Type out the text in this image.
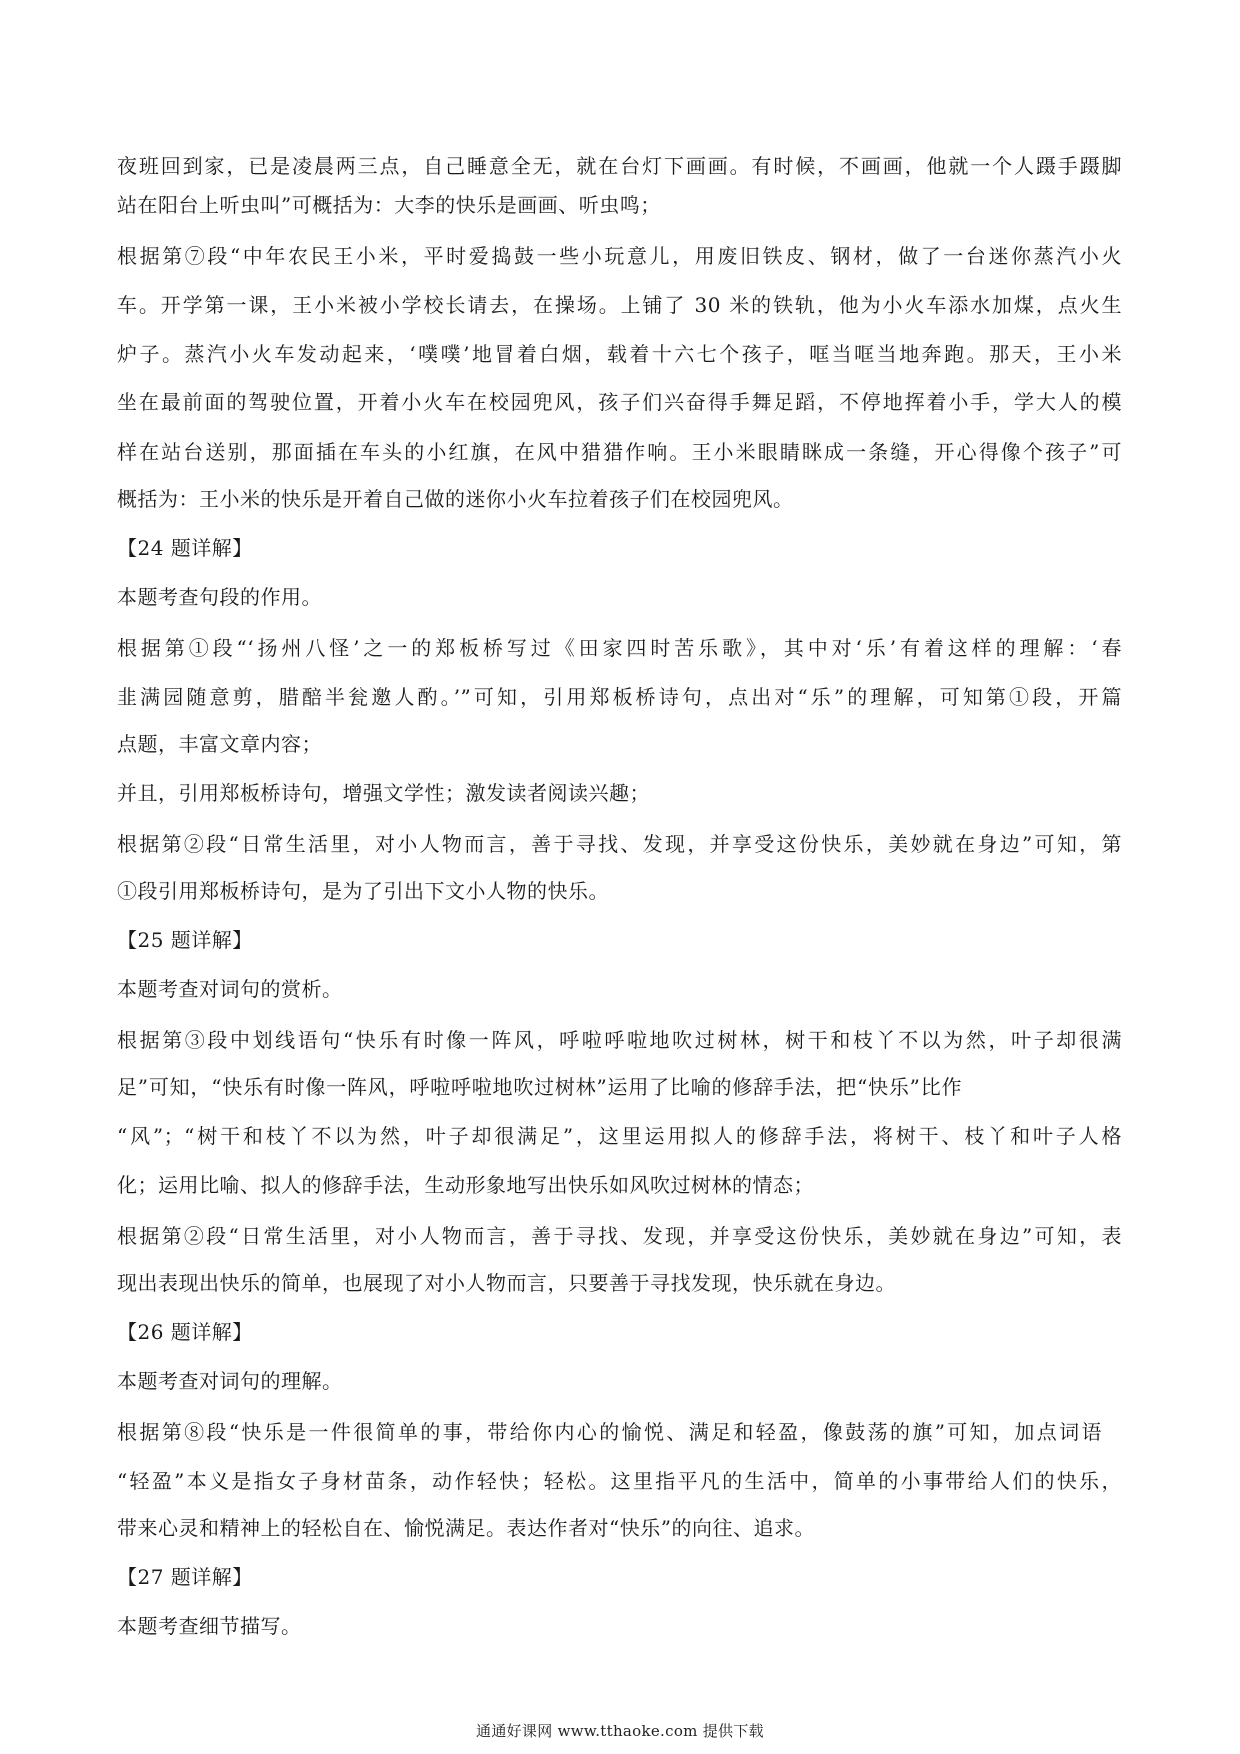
夜班回到家，已是凌晨两三点，自己睡意全无，就在台灯下画画。有时候，不画画，他就一个人蹑手蹑脚
站在阳台上听虫叫”可概括为：大李的快乐是画画、听虫鸣；
根据第⑦段“中年农民王小米，平时爱捣鼓一些小玩意儿，用废旧铁皮、钢材，做了一台迷你蒸汽小火
车。开学第一课，王小米被小学校长请去，在操场。上铺了 30 米的铁轨，他为小火车添水加煤，点火生
炉子。蒸汽小火车发动起来，‘噗噗’地冒着白烟，载着十六七个孩子，哐当哐当地奔跑。那天，王小米
坐在最前面的驾驶位置，开着小火车在校园兜风，孩子们兴奋得手舞足蹈，不停地挥着小手，学大人的模
样在站台送别，那面插在车头的小红旗，在风中猎猎作响。王小米眼睛眯成一条缝，开心得像个孩子”可
概括为：王小米的快乐是开着自己做的迷你小火车拉着孩子们在校园兜风。
【24 题详解】
本题考查句段的作用。
根据第①段“‘扬州八怪’之一的郑板桥写过《田家四时苦乐歌》，其中对‘乐’有着这样的理解：‘春
韭满园随意剪，腊醅半瓮邀人酌。’”可知，引用郑板桥诗句，点出对“乐”的理解，可知第①段，开篇
点题，丰富文章内容；
并且，引用郑板桥诗句，增强文学性；激发读者阅读兴趣；
根据第②段“日常生活里，对小人物而言，善于寻找、发现，并享受这份快乐，美妙就在身边”可知，第
①段引用郑板桥诗句，是为了引出下文小人物的快乐。
【25 题详解】
本题考查对词句的赏析。
根据第③段中划线语句“快乐有时像一阵风，呼啦呼啦地吹过树林，树干和枝丫不以为然，叶子却很满
足”可知，“快乐有时像一阵风，呼啦呼啦地吹过树林”运用了比喻的修辞手法，把“快乐”比作
“风”；“树干和枝丫不以为然，叶子却很满足”，这里运用拟人的修辞手法，将树干、枝丫和叶子人格
化；运用比喻、拟人的修辞手法，生动形象地写出快乐如风吹过树林的情态；
根据第②段“日常生活里，对小人物而言，善于寻找、发现，并享受这份快乐，美妙就在身边”可知，表
现出表现出快乐的简单，也展现了对小人物而言，只要善于寻找发现，快乐就在身边。
【26 题详解】
本题考查对词句的理解。
根据第⑧段“快乐是一件很简单的事，带给你内心的愉悦、满足和轻盈，像鼓荡的旗”可知，加点词语
“轻盈”本义是指女子身材苗条，动作轻快；轻松。这里指平凡的生活中，简单的小事带给人们的快乐，
带来心灵和精神上的轻松自在、愉悦满足。表达作者对“快乐”的向往、追求。
【27 题详解】
本题考查细节描写。
通通好课网 www.tthaoke.com 提供下载
